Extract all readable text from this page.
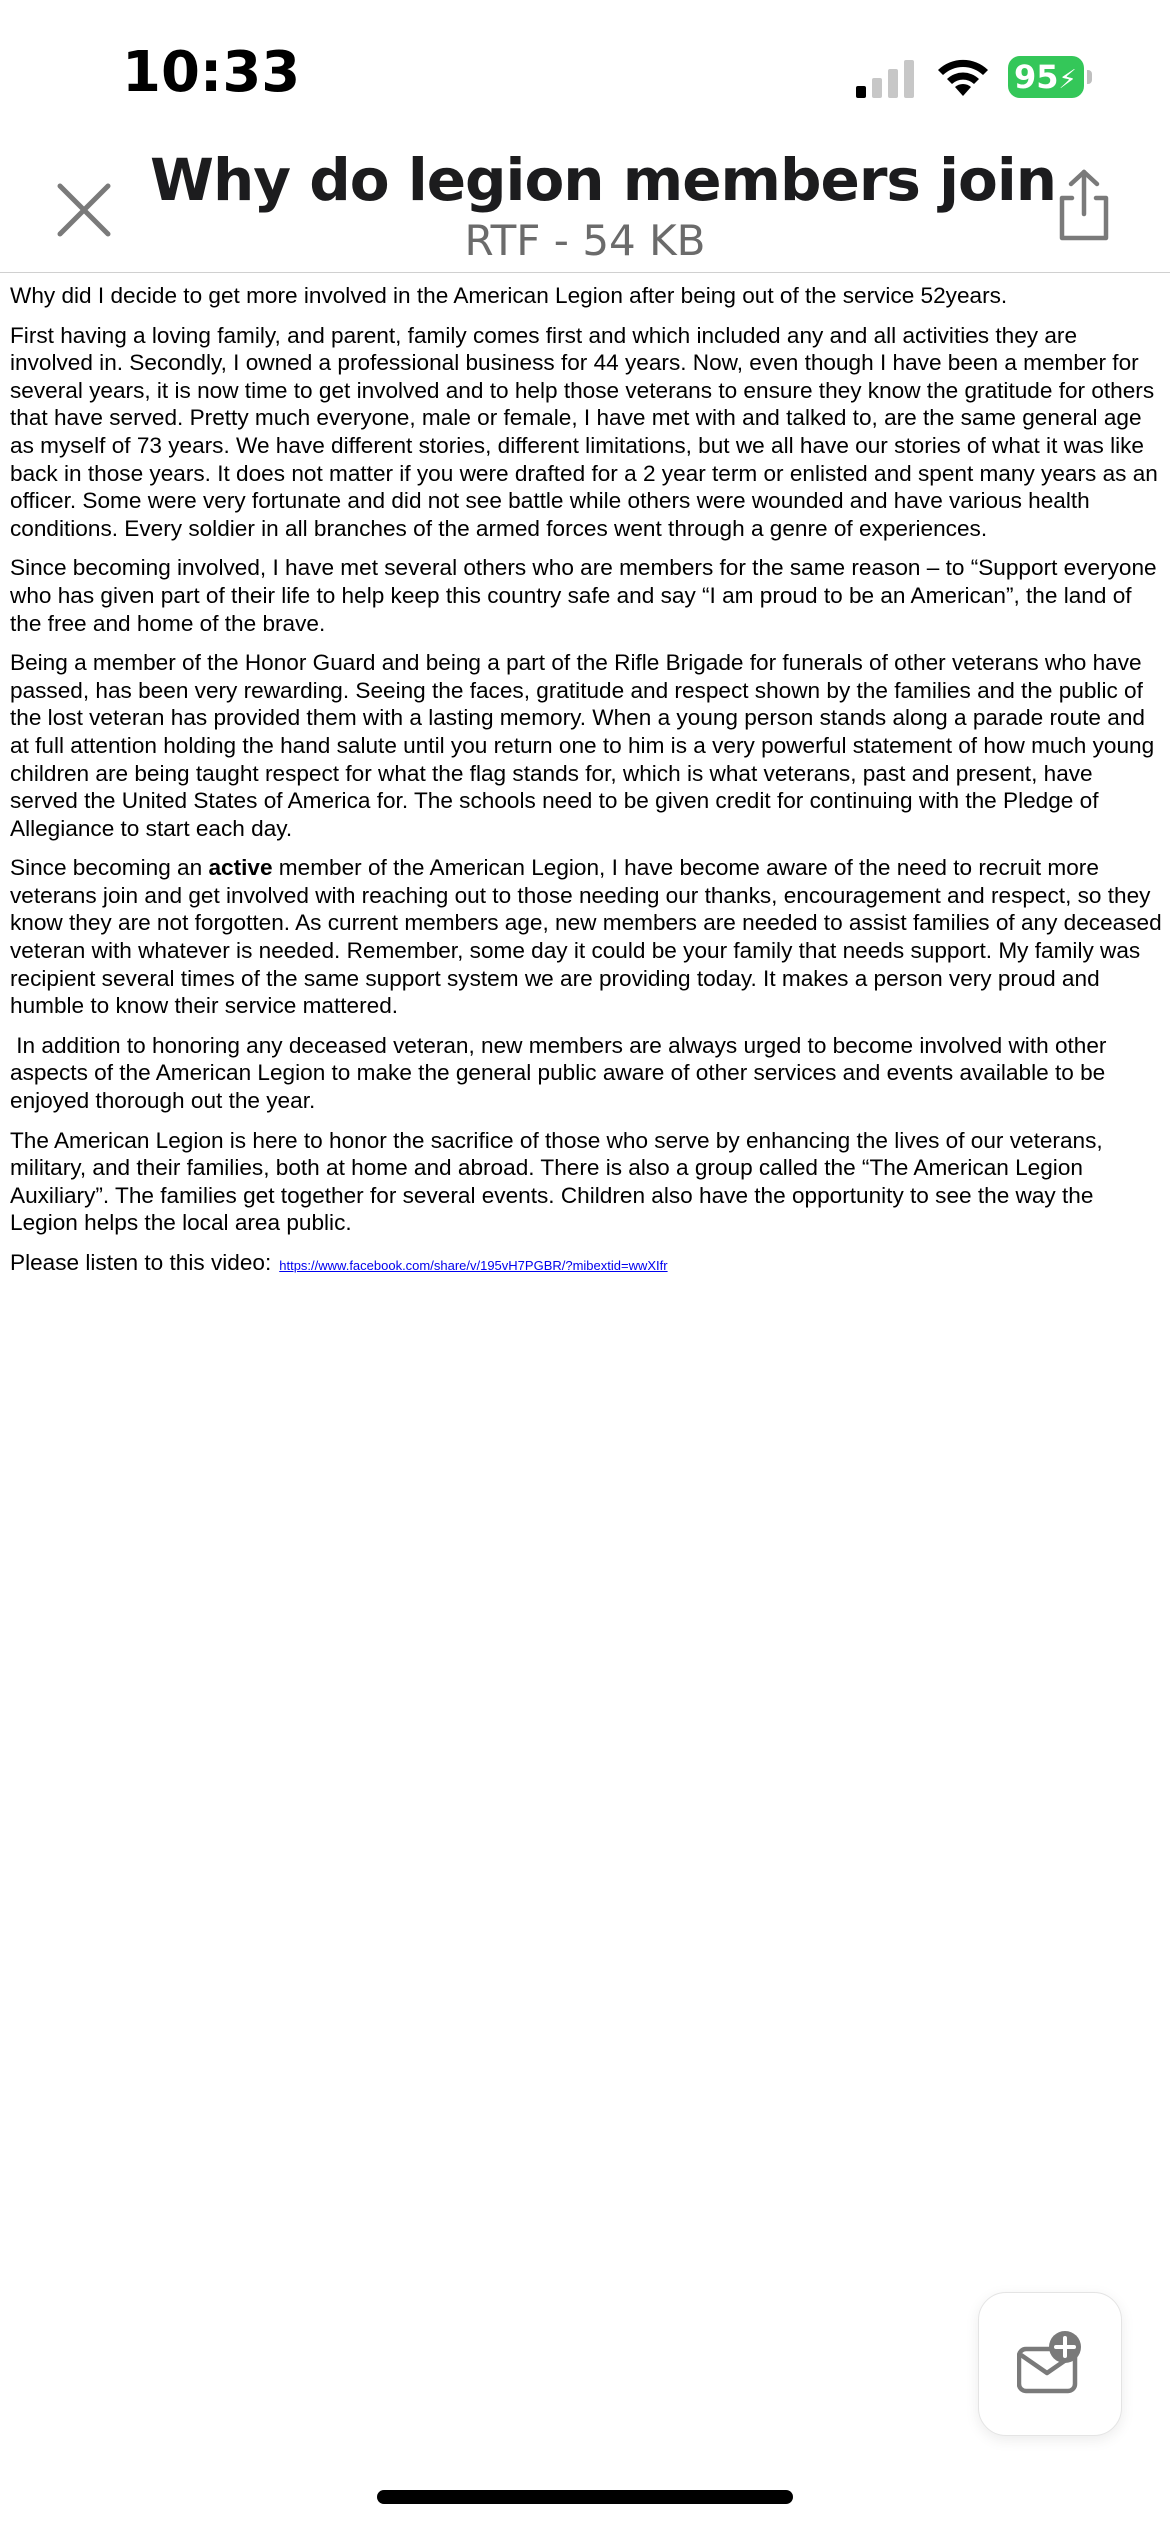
10:33	95⚡
Why do legion members join
RTF - 54 KB

Why did I decide to get more involved in the American Legion after being out of the service 52years.

First having a loving family, and parent, family comes first and which included any and all activities they are involved in. Secondly, I owned a professional business for 44 years. Now, even though I have been a member for several years, it is now time to get involved and to help those veterans to ensure they know the gratitude for others that have served. Pretty much everyone, male or female, I have met with and talked to, are the same general age as myself of 73 years. We have different stories, different limitations, but we all have our stories of what it was like back in those years. It does not matter if you were drafted for a 2 year term or enlisted and spent many years as an officer. Some were very fortunate and did not see battle while others were wounded and have various health conditions. Every soldier in all branches of the armed forces went through a genre of experiences.

Since becoming involved, I have met several others who are members for the same reason – to “Support everyone who has given part of their life to help keep this country safe and say “I am proud to be an American”, the land of the free and home of the brave.

Being a member of the Honor Guard and being a part of the Rifle Brigade for funerals of other veterans who have passed, has been very rewarding. Seeing the faces, gratitude and respect shown by the families and the public of the lost veteran has provided them with a lasting memory. When a young person stands along a parade route and at full attention holding the hand salute until you return one to him is a very powerful statement of how much young children are being taught respect for what the flag stands for, which is what veterans, past and present, have served the United States of America for. The schools need to be given credit for continuing with the Pledge of Allegiance to start each day.

Since becoming an active member of the American Legion, I have become aware of the need to recruit more veterans join and get involved with reaching out to those needing our thanks, encouragement and respect, so they know they are not forgotten. As current members age, new members are needed to assist families of any deceased veteran with whatever is needed. Remember, some day it could be your family that needs support. My family was recipient several times of the same support system we are providing today. It makes a person very proud and humble to know their service mattered.

In addition to honoring any deceased veteran, new members are always urged to become involved with other aspects of the American Legion to make the general public aware of other services and events available to be enjoyed thorough out the year.

The American Legion is here to honor the sacrifice of those who serve by enhancing the lives of our veterans, military, and their families, both at home and abroad. There is also a group called the “The American Legion Auxiliary”. The families get together for several events. Children also have the opportunity to see the way the Legion helps the local area public.

Please listen to this video: https://www.facebook.com/share/v/195vH7PGBR/?mibextid=wwXIfr
